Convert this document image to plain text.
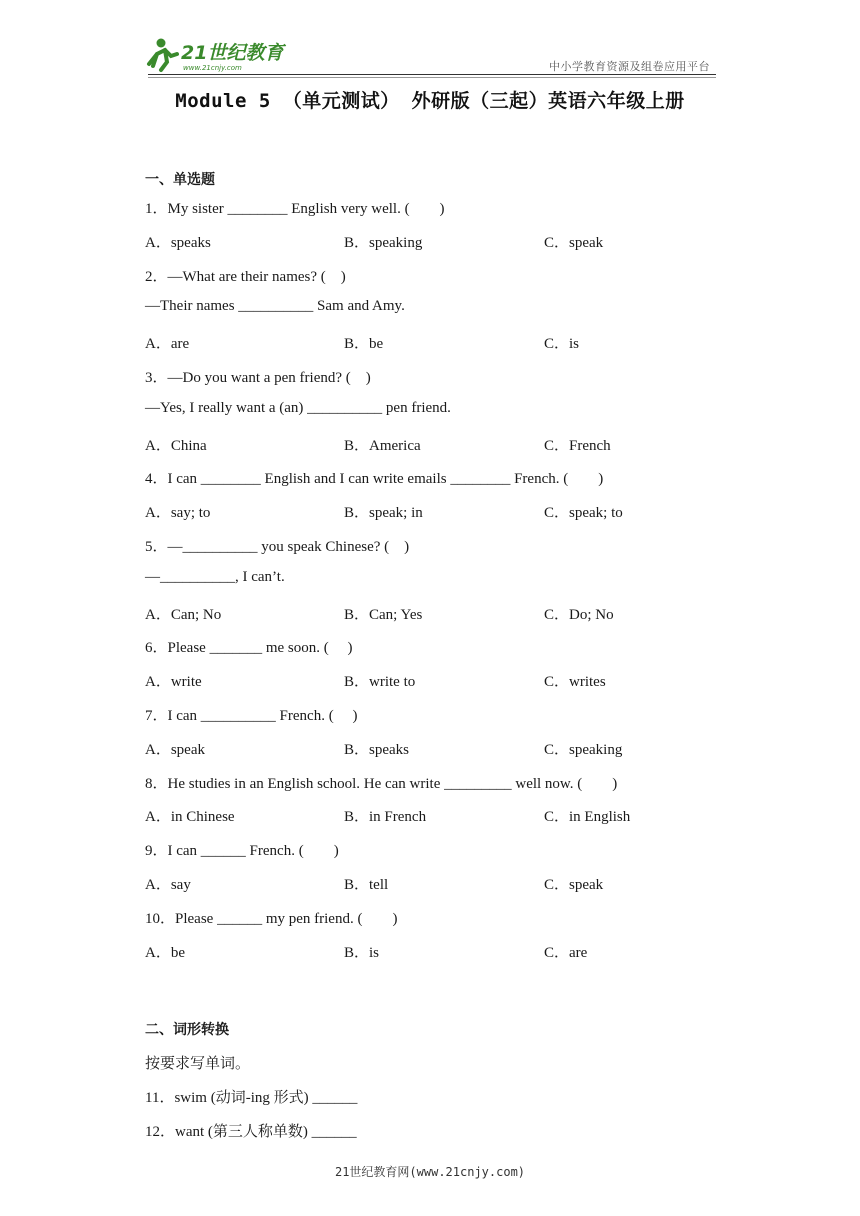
21世纪教育
www.21cnjy.com	中小学教育资源及组卷应用平台
Module 5 （单元测试） 外研版（三起）英语六年级上册
一、单选题
1．My sister ________ English very well. (　　)
A．speaks	B．speaking	C．speak
2．—What are their names? (　)
—Their names __________ Sam and Amy.
A．are	B．be	C．is
3．—Do you want a pen friend? (　)
—Yes, I really want a (an) __________ pen friend.
A．China	B．America	C．French
4．I can ________ English and I can write emails ________ French. (　　)
A．say; to	B．speak; in	C．speak; to
5．—__________ you speak Chinese? (　)
—__________, I can’t.
A．Can; No	B．Can; Yes	C．Do; No
6．Please _______ me soon. (　 )
A．write	B．write to	C．writes
7．I can __________ French. (　 )
A．speak	B．speaks	C．speaking
8．He studies in an English school. He can write _________ well now. (　　)
A．in Chinese	B．in French	C．in English
9．I can ______ French. (　　)
A．say	B．tell	C．speak
10．Please ______ my pen friend. (　　)
A．be	B．is	C．are
二、词形转换
按要求写单词。
11．swim (动词-ing 形式) ______
12．want (第三人称单数) ______
21世纪教育网(www.21cnjy.com)
